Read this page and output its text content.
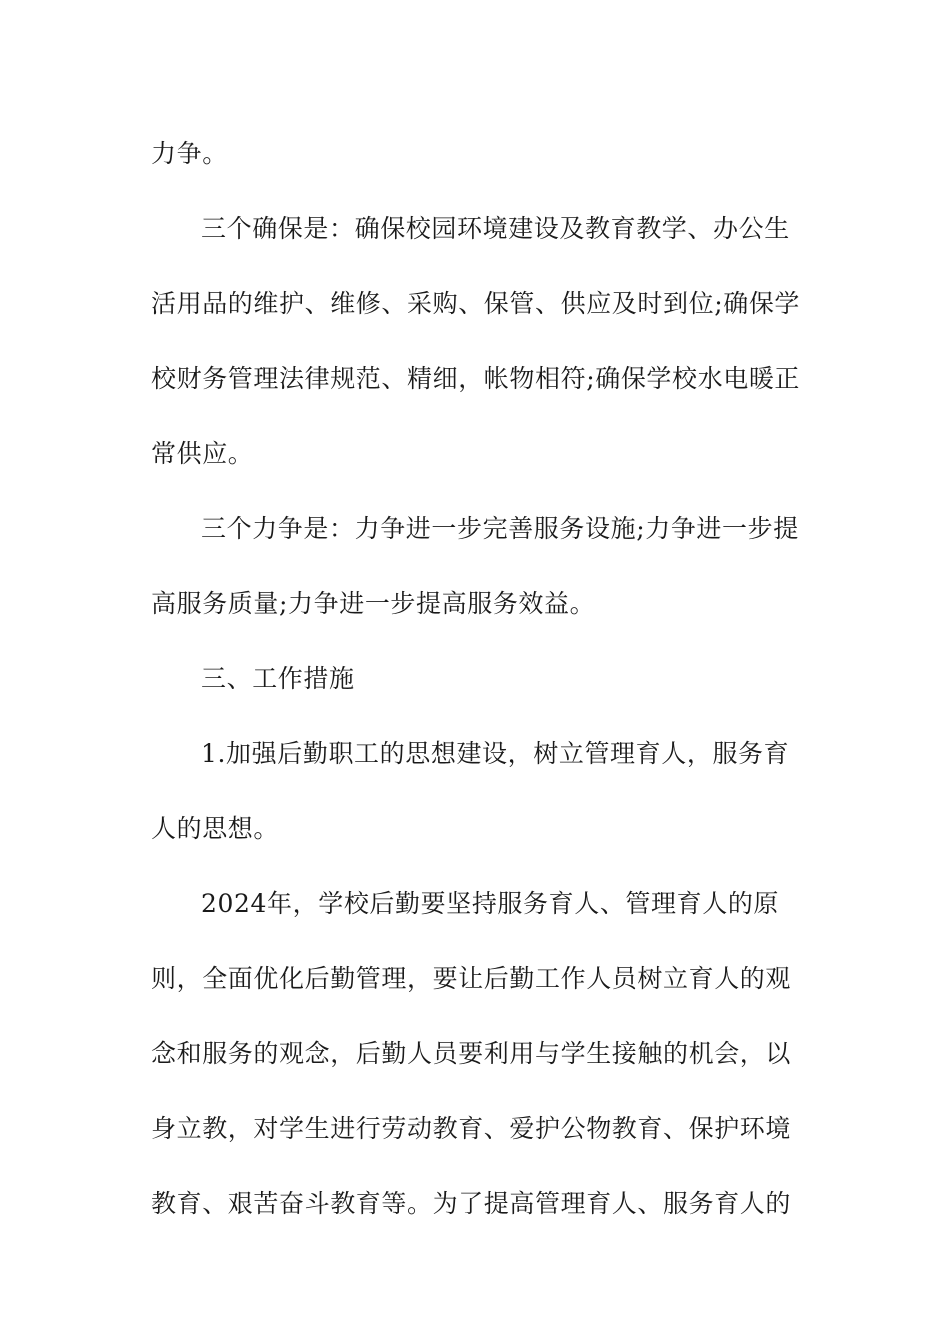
力争。
三个确保是：确保校园环境建设及教育教学、办公生
活用品的维护、维修、采购、保管、供应及时到位;确保学
校财务管理法律规范、精细，帐物相符;确保学校水电暖正
常供应。
三个力争是：力争进一步完善服务设施;力争进一步提
高服务质量;力争进一步提高服务效益。
三、工作措施
1.加强后勤职工的思想建设，树立管理育人，服务育
人的思想。
2024年，学校后勤要坚持服务育人、管理育人的原
则，全面优化后勤管理，要让后勤工作人员树立育人的观
念和服务的观念，后勤人员要利用与学生接触的机会，以
身立教，对学生进行劳动教育、爱护公物教育、保护环境
教育、艰苦奋斗教育等。为了提高管理育人、服务育人的
